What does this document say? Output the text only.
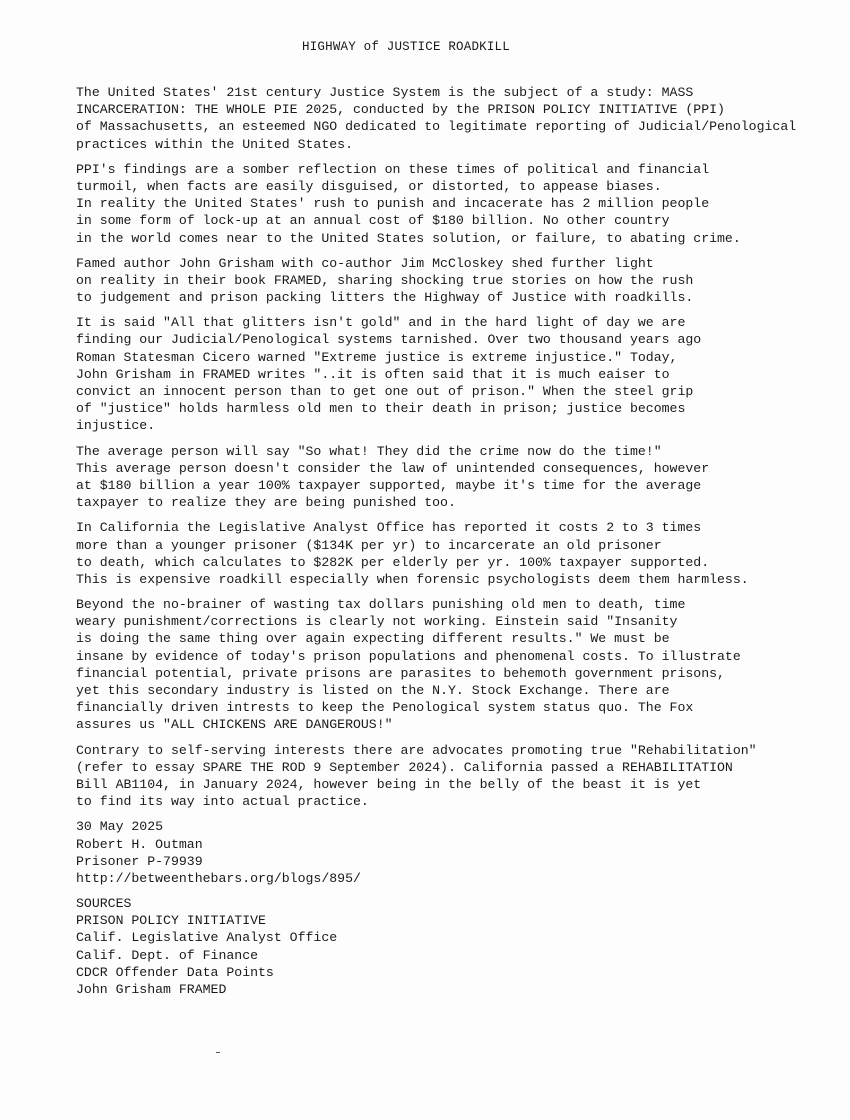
HIGHWAY of JUSTICE ROADKILL
The United States' 21st century Justice System is the subject of a study: MASS
INCARCERATION: THE WHOLE PIE 2025, conducted by the PRISON POLICY INITIATIVE (PPI)
of Massachusetts, an esteemed NGO dedicated to legitimate reporting of Judicial/Penological
practices within the United States.
PPI's findings are a somber reflection on these times of political and financial
turmoil, when facts are easily disguised, or distorted, to appease biases.
In reality the United States' rush to punish and incacerate has 2 million people
in some form of lock-up at an annual cost of $180 billion. No other country
in the world comes near to the United States solution, or failure, to abating crime.
Famed author John Grisham with co-author Jim McCloskey shed further light
on reality in their book FRAMED, sharing shocking true stories on how the rush
to judgement and prison packing litters the Highway of Justice with roadkills.
It is said "All that glitters isn't gold" and in the hard light of day we are
finding our Judicial/Penological systems tarnished. Over two thousand years ago
Roman Statesman Cicero warned "Extreme justice is extreme injustice." Today,
John Grisham in FRAMED writes "..it is often said that it is much eaiser to
convict an innocent person than to get one out of prison." When the steel grip
of "justice" holds harmless old men to their death in prison; justice becomes
injustice.
The average person will say "So what! They did the crime now do the time!"
This average person doesn't consider the law of unintended consequences, however
at $180 billion a year 100% taxpayer supported, maybe it's time for the average
taxpayer to realize they are being punished too.
In California the Legislative Analyst Office has reported it costs 2 to 3 times
more than a younger prisoner ($134K per yr) to incarcerate an old prisoner
to death, which calculates to $282K per elderly per yr. 100% taxpayer supported.
This is expensive roadkill especially when forensic psychologists deem them harmless.
Beyond the no-brainer of wasting tax dollars punishing old men to death, time
weary punishment/corrections is clearly not working. Einstein said "Insanity
is doing the same thing over again expecting different results." We must be
insane by evidence of today's prison populations and phenomenal costs. To illustrate
financial potential, private prisons are parasites to behemoth government prisons,
yet this secondary industry is listed on the N.Y. Stock Exchange. There are
financially driven intrests to keep the Penological system status quo. The Fox
assures us "ALL CHICKENS ARE DANGEROUS!"
Contrary to self-serving interests there are advocates promoting true "Rehabilitation"
(refer to essay SPARE THE ROD 9 September 2024). California passed a REHABILITATION
Bill AB1104, in January 2024, however being in the belly of the beast it is yet
to find its way into actual practice.
30 May 2025
Robert H. Outman
Prisoner P-79939
http://betweenthebars.org/blogs/895/
SOURCES
PRISON POLICY INITIATIVE
Calif. Legislative Analyst Office
Calif. Dept. of Finance
CDCR Offender Data Points
John Grisham FRAMED
